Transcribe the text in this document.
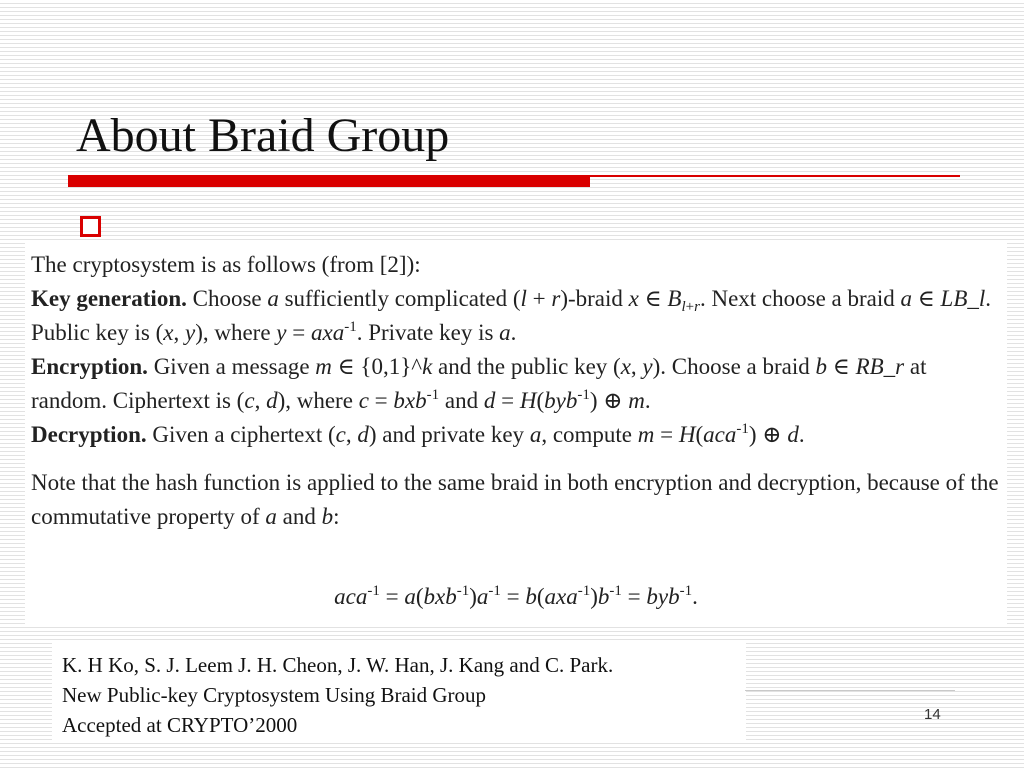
About Braid Group

The cryptosystem is as follows (from [2]):

Key generation. Choose a sufficiently complicated (l + r)-braid x ∈ $B_{l+r}$. Next choose a braid a ∈ LB_l. Public key is (x, y), where y = axa$^{-1}$. Private key is a.

Encryption. Given a message m ∈ {0,1}^k and the public key (x, y). Choose a braid b ∈ RB_r at random. Ciphertext is (c, d), where c = bxb$^{-1}$ and d = H(byb$^{-1}$) ⊕ m.

Decryption. Given a ciphertext (c, d) and private key a, compute m = H(aca$^{-1}$) ⊕ d.

Note that the hash function is applied to the same braid in both encryption and decryption, because of the commutative property of a and b:

$aca^{-1} = a(bxb^{-1})a^{-1} = b(axa^{-1})b^{-1} = byb^{-1}$.
K. H Ko, S. J. Leem J. H. Cheon, J. W. Han, J. Kang and C. Park.
New Public-key Cryptosystem Using Braid Group
Accepted at CRYPTO’2000	14
